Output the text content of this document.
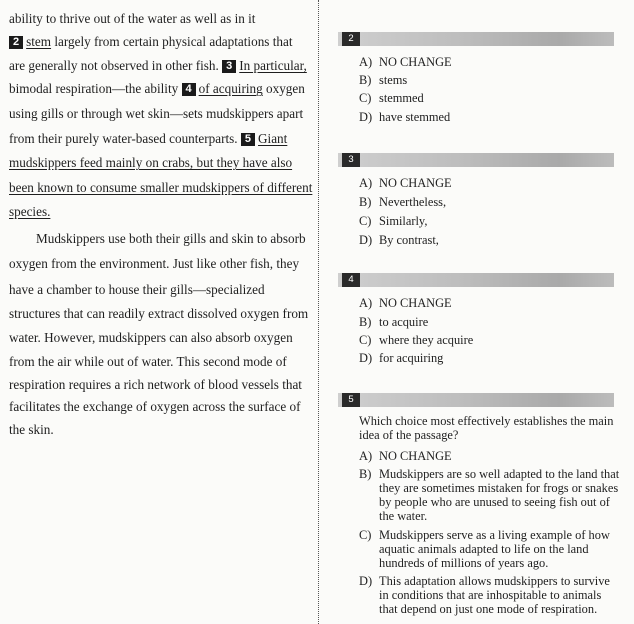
ability to thrive out of the water as well as in it
2 stem largely from certain physical adaptations that
are generally not observed in other fish. 3 In particular,
bimodal respiration—the ability 4 of acquiring oxygen
using gills or through wet skin—sets mudskippers apart
from their purely water-based counterparts. 5 Giant
mudskippers feed mainly on crabs, but they have also
been known to consume smaller mudskippers of different
species.
Mudskippers use both their gills and skin to absorb
oxygen from the environment. Just like other fish, they
have a chamber to house their gills—specialized
structures that can readily extract dissolved oxygen from
water. However, mudskippers can also absorb oxygen
from the air while out of water. This second mode of
respiration requires a rich network of blood vessels that
facilitates the exchange of oxygen across the surface of
the skin.
2
A) NO CHANGE
B) stems
C) stemmed
D) have stemmed
3
A) NO CHANGE
B) Nevertheless,
C) Similarly,
D) By contrast,
4
A) NO CHANGE
B) to acquire
C) where they acquire
D) for acquiring
5
Which choice most effectively establishes the main idea of the passage?
A) NO CHANGE
B) Mudskippers are so well adapted to the land that they are sometimes mistaken for frogs or snakes by people who are unused to seeing fish out of the water.
C) Mudskippers serve as a living example of how aquatic animals adapted to life on the land hundreds of millions of years ago.
D) This adaptation allows mudskippers to survive in conditions that are inhospitable to animals that depend on just one mode of respiration.
